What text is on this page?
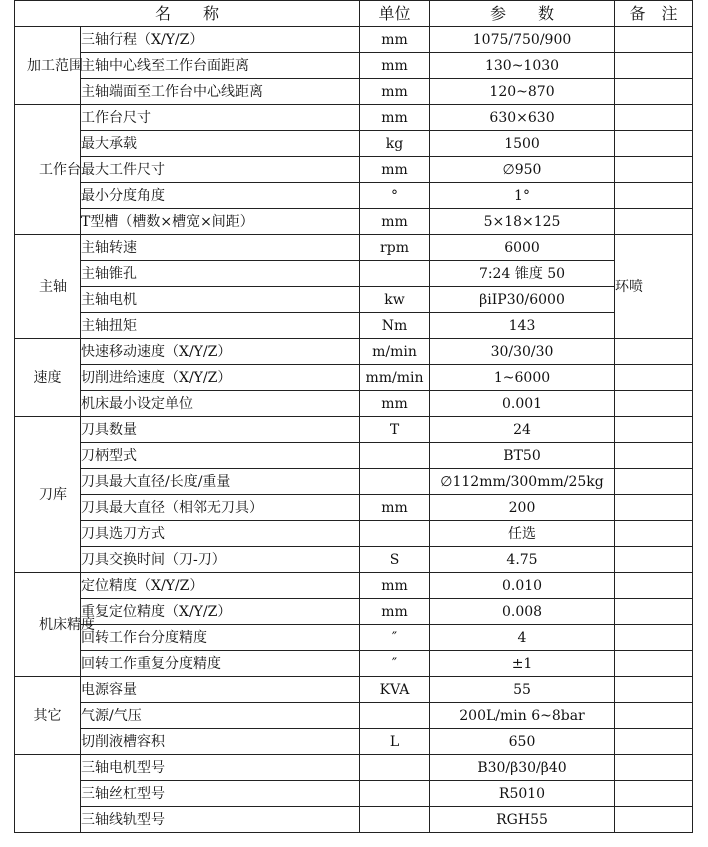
名　　称		单位	参　　数	备　注
加工范围	三轴行程（X/Y/Z）	mm	1075/750/900	
	主轴中心线至工作台面距离	mm	130~1030	
	主轴端面至工作台中心线距离	mm	120~870	
工作台	工作台尺寸	mm	630×630	
	最大承载	kg	1500	
	最大工件尺寸	mm	∅950	
	最小分度角度	°	1°	
	T型槽（槽数×槽宽×间距）	mm	5×18×125	
主轴	主轴转速	rpm	6000	环喷
	主轴锥孔		7:24 锥度 50	
	主轴电机	kw	βiIP30/6000	
	主轴扭矩	Nm	143	
速度	快速移动速度（X/Y/Z）	m/min	30/30/30	
	切削进给速度（X/Y/Z）	mm/min	1~6000	
	机床最小设定单位	mm	0.001	
刀库	刀具数量	T	24	
	刀柄型式		BT50	
	刀具最大直径/长度/重量		∅112mm/300mm/25kg	
	刀具最大直径（相邻无刀具）	mm	200	
	刀具选刀方式		任选	
	刀具交换时间（刀-刀）	S	4.75	
机床精度	定位精度（X/Y/Z）	mm	0.010	
	重复定位精度（X/Y/Z）	mm	0.008	
	回转工作台分度精度	″	4	
	回转工作重复分度精度	″	±1	
其它	电源容量	KVA	55	
	气源/气压		200L/min 6~8bar	
	切削液槽容积	L	650	
	三轴电机型号		Β30/β30/β40	
	三轴丝杠型号		R5010	
	三轴线轨型号		RGH55	
